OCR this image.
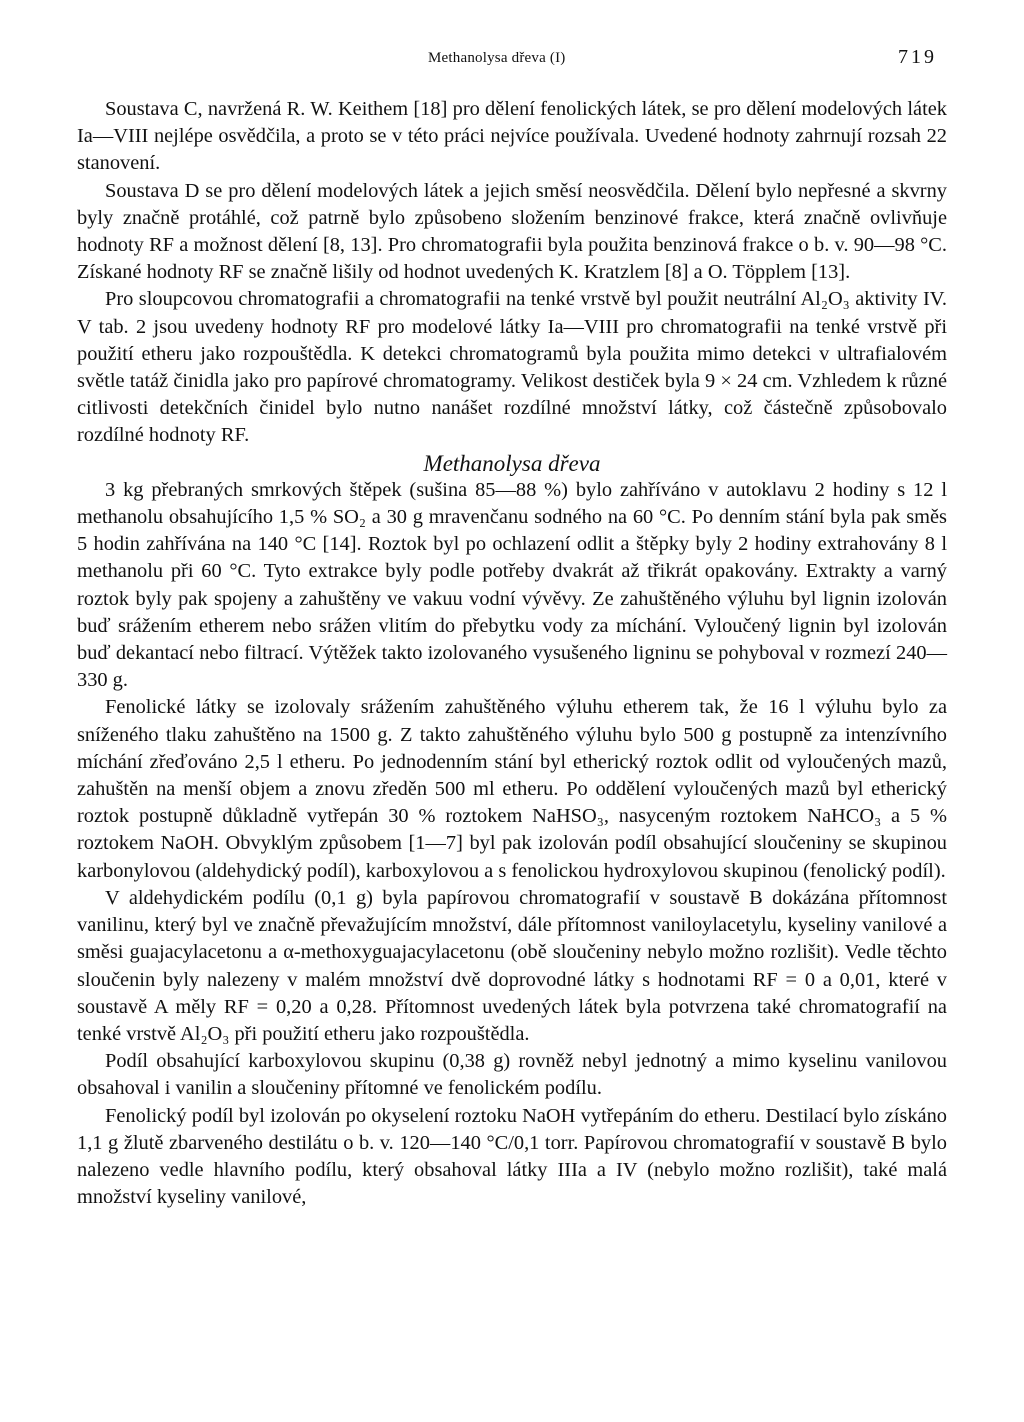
Methanolysa dřeva (I)	719

Soustava C, navržená R. W. Keithem [18] pro dělení fenolických látek, se pro dělení modelových látek Ia—VIII nejlépe osvědčila, a proto se v této práci nejvíce používala. Uvedené hodnoty zahrnují rozsah 22 stanovení.

Soustava D se pro dělení modelových látek a jejich směsí neosvědčila. Dělení bylo nepřesné a skvrny byly značně protáhlé, což patrně bylo způsobeno složením benzinové frakce, která značně ovlivňuje hodnoty RF a možnost dělení [8, 13]. Pro chromatografii byla použita benzinová frakce o b. v. 90—98 °C. Získané hodnoty RF se značně lišily od hodnot uvedených K. Kratzlem [8] a O. Töpplem [13].

Pro sloupcovou chromatografii a chromatografii na tenké vrstvě byl použit neutrální Al₂O₃ aktivity IV. V tab. 2 jsou uvedeny hodnoty RF pro modelové látky Ia—VIII pro chromatografii na tenké vrstvě při použití etheru jako rozpouštědla. K detekci chromatogramů byla použita mimo detekci v ultrafialovém světle tatáž činidla jako pro papírové chromatogramy. Velikost destiček byla 9 × 24 cm. Vzhledem k různé citlivosti detekčních činidel bylo nutno nanášet rozdílné množství látky, což částečně způsobovalo rozdílné hodnoty RF.

Methanolysa dřeva

3 kg přebraných smrkových štěpek (sušina 85—88 %) bylo zahříváno v autoklavu 2 hodiny s 12 l methanolu obsahujícího 1,5 % SO₂ a 30 g mravenčanu sodného na 60 °C. Po denním stání byla pak směs 5 hodin zahřívána na 140 °C [14]. Roztok byl po ochlazení odlit a štěpky byly 2 hodiny extrahovány 8 l methanolu při 60 °C. Tyto extrakce byly podle potřeby dvakrát až třikrát opakovány. Extrakty a varný roztok byly pak spojeny a zahuštěny ve vakuu vodní vývěvy. Ze zahuštěného výluhu byl lignin izolován buď srážením etherem nebo srážen vlitím do přebytku vody za míchání. Vyloučený lignin byl izolován buď dekantací nebo filtrací. Výtěžek takto izolovaného vysušeného ligninu se pohyboval v rozmezí 240—330 g.

Fenolické látky se izolovaly srážením zahuštěného výluhu etherem tak, že 16 l výluhu bylo za sníženého tlaku zahuštěno na 1500 g. Z takto zahuštěného výluhu bylo 500 g postupně za intenzívního míchání zřeďováno 2,5 l etheru. Po jednodenním stání byl etherický roztok odlit od vyloučených mazů, zahuštěn na menší objem a znovu zředěn 500 ml etheru. Po oddělení vyloučených mazů byl etherický roztok postupně důkladně vytřepán 30 % roztokem NaHSO₃, nasyceným roztokem NaHCO₃ a 5 % roztokem NaOH. Obvyklým způsobem [1—7] byl pak izolován podíl obsahující sloučeniny se skupinou karbonylovou (aldehydický podíl), karboxylovou a s fenolickou hydroxylovou skupinou (fenolický podíl).

V aldehydickém podílu (0,1 g) byla papírovou chromatografií v soustavě B dokázána přítomnost vanilinu, který byl ve značně převažujícím množství, dále přítomnost vaniloylacetylu, kyseliny vanilové a směsi guajacylacetonu a α-methoxyguajacylacetonu (obě sloučeniny nebylo možno rozlišit). Vedle těchto sloučenin byly nalezeny v malém množství dvě doprovodné látky s hodnotami RF = 0 a 0,01, které v soustavě A měly RF = 0,20 a 0,28. Přítomnost uvedených látek byla potvrzena také chromatografií na tenké vrstvě Al₂O₃ při použití etheru jako rozpouštědla.

Podíl obsahující karboxylovou skupinu (0,38 g) rovněž nebyl jednotný a mimo kyselinu vanilovou obsahoval i vanilin a sloučeniny přítomné ve fenolickém podílu.

Fenolický podíl byl izolován po okyselení roztoku NaOH vytřepáním do etheru. Destilací bylo získáno 1,1 g žlutě zbarveného destilátu o b. v. 120—140 °C/0,1 torr. Papírovou chromatografií v soustavě B bylo nalezeno vedle hlavního podílu, který obsahoval látky IIIa a IV (nebylo možno rozlišit), také malá množství kyseliny vanilové,
